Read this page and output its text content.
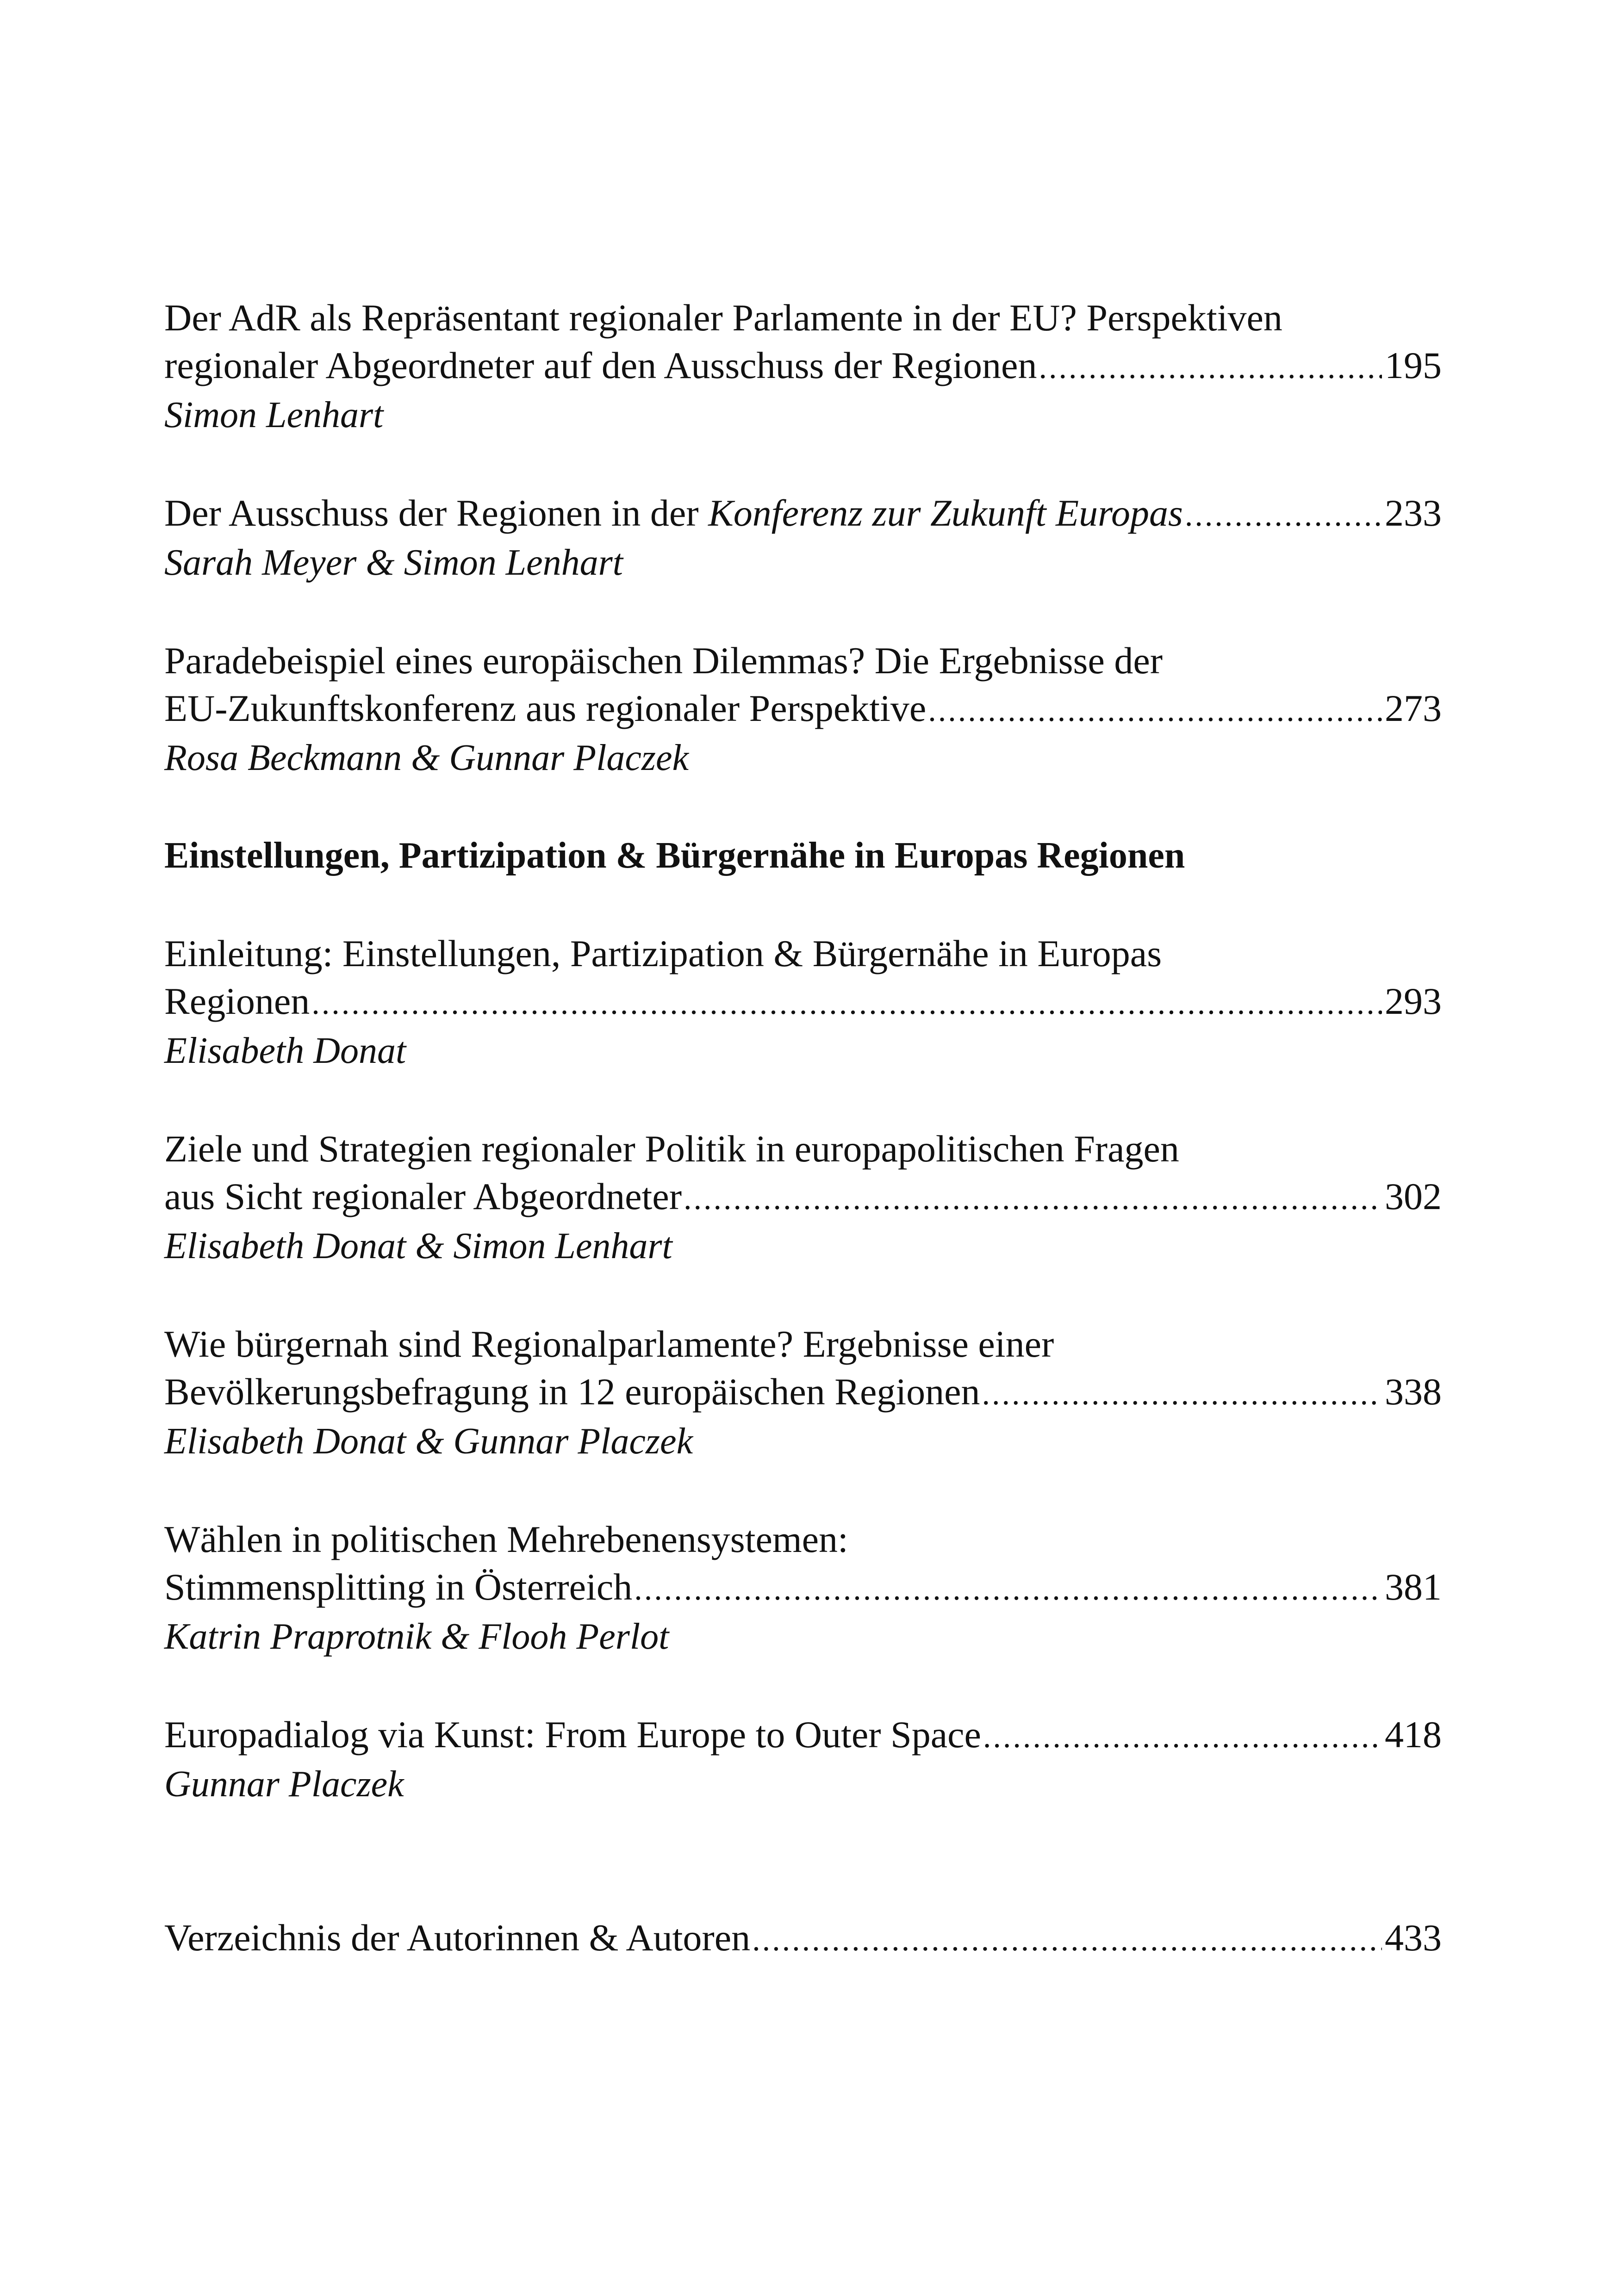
Der AdR als Repräsentant regionaler Parlamente in der EU? Perspektiven
regionaler Abgeordneter auf den Ausschuss der Regionen .....	195
Simon Lenhart
Der Ausschuss der Regionen in der Konferenz zur Zukunft Europas .....	233
Sarah Meyer & Simon Lenhart
Paradebeispiel eines europäischen Dilemmas? Die Ergebnisse der
EU-Zukunftskonferenz aus regionaler Perspektive .....	273
Rosa Beckmann & Gunnar Placzek
Einstellungen, Partizipation & Bürgernähe in Europas Regionen
Einleitung: Einstellungen, Partizipation & Bürgernähe in Europas
Regionen .....	293
Elisabeth Donat
Ziele und Strategien regionaler Politik in europapolitischen Fragen
aus Sicht regionaler Abgeordneter .....	302
Elisabeth Donat & Simon Lenhart
Wie bürgernah sind Regionalparlamente? Ergebnisse einer
Bevölkerungsbefragung in 12 europäischen Regionen .....	338
Elisabeth Donat & Gunnar Placzek
Wählen in politischen Mehrebenensystemen:
Stimmensplitting in Österreich .....	381
Katrin Praprotnik & Flooh Perlot
Europadialog via Kunst: From Europe to Outer Space .....	418
Gunnar Placzek
Verzeichnis der Autorinnen & Autoren .....	433
